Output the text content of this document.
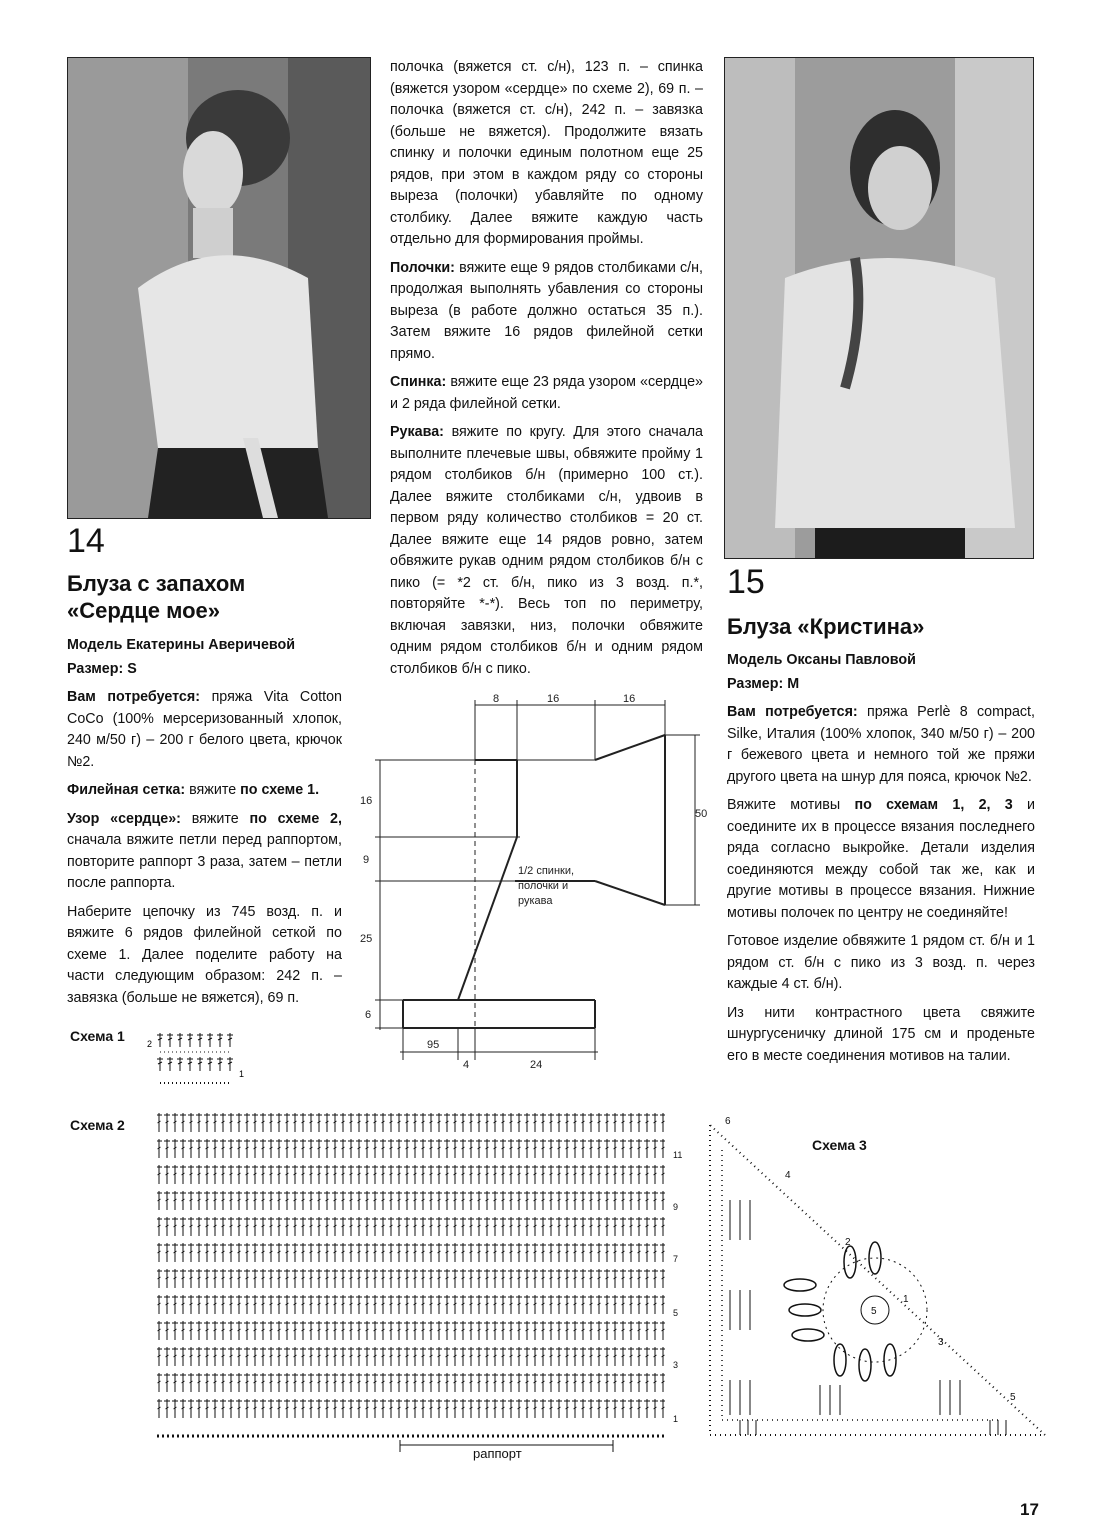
14
Блуза с запахом
«Сердце мое»

Модель Екатерины Аверичевой

Размер: S

Вам потребуется: пряжа Vita Cotton CoCo (100% мерсеризованный хлопок, 240 м/50 г) – 200 г белого цвета, крючок №2.

Филейная сетка: вяжите по схеме 1.

Узор «сердце»: вяжите по схеме 2, сначала вяжите петли перед раппортом, повторите раппорт 3 раза, затем – петли после раппорта.

Наберите цепочку из 745 возд. п. и вяжите 6 рядов филейной сеткой по схеме 1. Далее поделите работу на части следующим образом: 242 п. – завязка (больше не вяжется), 69 п.

полочка (вяжется ст. с/н), 123 п. – спинка (вяжется узором «сердце» по схеме 2), 69 п. – полочка (вяжется ст. с/н), 242 п. – завязка (больше не вяжется). Продолжите вязать спинку и полочки единым полотном еще 25 рядов, при этом в каждом ряду со стороны выреза (полочки) убавляйте по одному столбику. Далее вяжите каждую часть отдельно для формирования проймы.

Полочки: вяжите еще 9 рядов столбиками с/н, продолжая выполнять убавления со стороны выреза (в работе должно остаться 35 п.). Затем вяжите 16 рядов филейной сетки прямо.

Спинка: вяжите еще 23 ряда узором «сердце» и 2 ряда филейной сетки.

Рукава: вяжите по кругу. Для этого сначала выполните плечевые швы, обвяжите пройму 1 рядом столбиков б/н (примерно 100 ст.). Далее вяжите столбиками с/н, удвоив в первом ряду количество столбиков = 20 ст. Далее вяжите еще 14 рядов ровно, затем обвяжите рукав одним рядом столбиков б/н с пико (= *2 ст. б/н, пико из 3 возд. п.*, повторяйте *-*). Весь топ по периметру, включая завязки, низ, полочки обвяжите одним рядом столбиков б/н и одним рядом столбиков б/н с пико.

8	16	16
16
9
25
6
50
95
4	24
1/2 спинки,
полочки и
рукава
15
Блуза «Кристина»

Модель Оксаны Павловой

Размер: M

Вам потребуется: пряжа Perlè 8 compact, Silke, Италия (100% хлопок, 340 м/50 г) – 200 г бежевого цвета и немного той же пряжи другого цвета на шнур для пояса, крючок №2.

Вяжите мотивы по схемам 1, 2, 3 и соедините их в процессе вязания последнего ряда согласно выкройке. Детали изделия соединяются между собой так же, как и другие мотивы в процессе вязания. Нижние мотивы полочек по центру не соединяйте!

Готовое изделие обвяжите 1 рядом ст. б/н и 1 рядом ст. б/н с пико из 3 возд. п. через каждые 4 ст. б/н).

Из нити контрастного цвета свяжите шнургусеничку длиной 175 см и проденьте его в месте соединения мотивов на талии.

Схема 1 2
1
Схема 2
11
9
7
5
3
1
раппорт
Схема 3
6
4
2
5
1
3
5
17
